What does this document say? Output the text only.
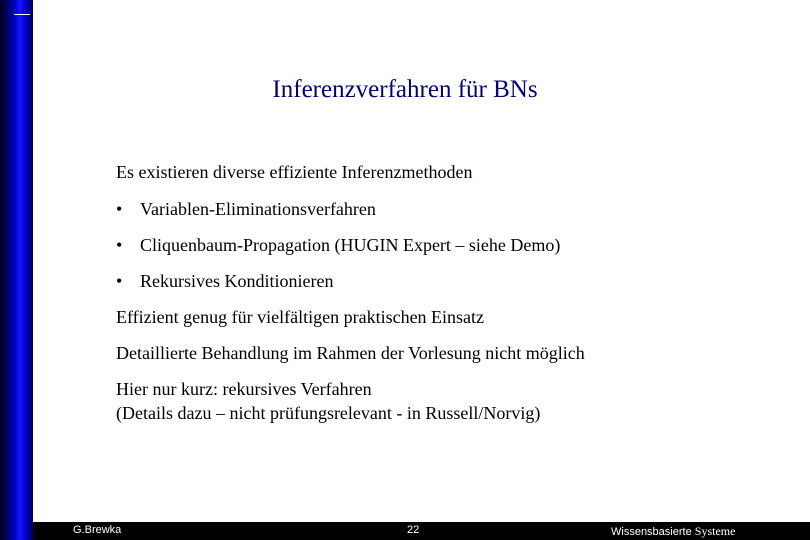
Inferenzverfahren für BNs
Es existieren diverse effiziente Inferenzmethoden
• Variablen-Eliminationsverfahren
• Cliquenbaum-Propagation (HUGIN Expert – siehe Demo)
• Rekursives Konditionieren
Effizient genug für vielfältigen praktischen Einsatz
Detaillierte Behandlung im Rahmen der Vorlesung nicht möglich
Hier nur kurz: rekursives Verfahren
(Details dazu – nicht prüfungsrelevant - in Russell/Norvig)
G.Brewka	22	Wissensbasierte Systeme
